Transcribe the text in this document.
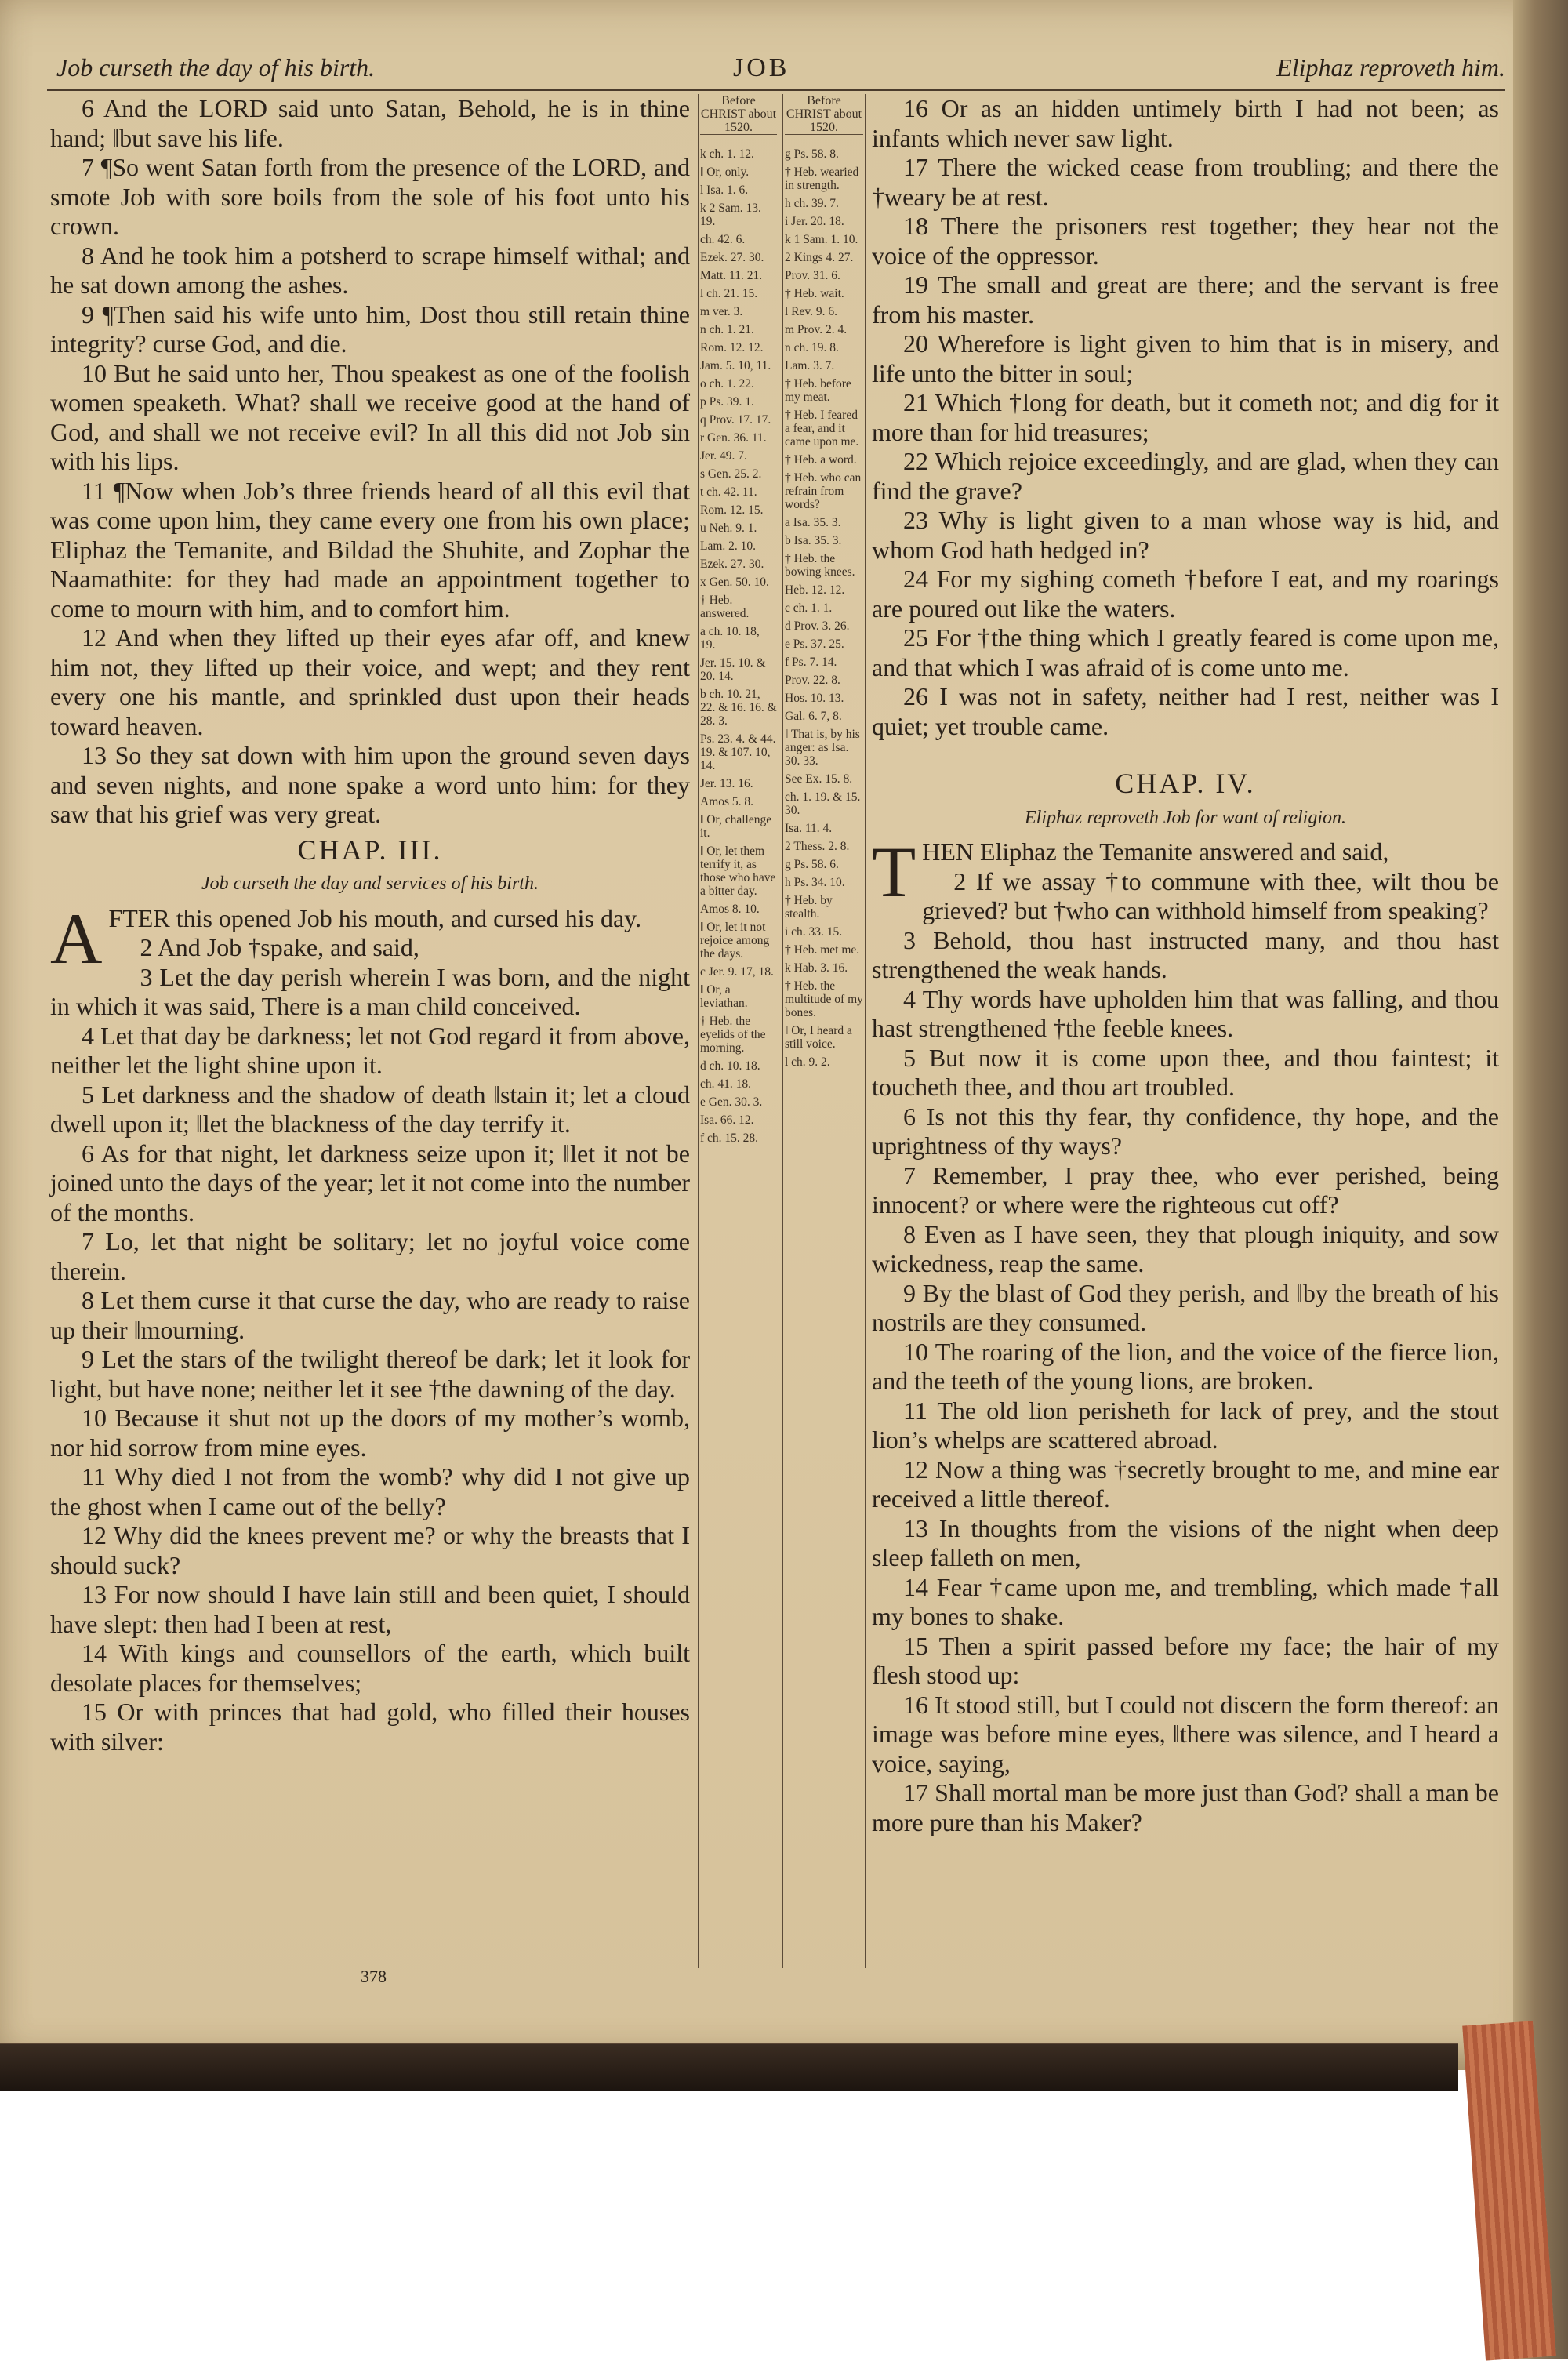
Job curseth the day of his birth.	JOB	Eliphaz reproveth him.

6 And the LORD said unto Satan, Behold, he is in thine hand; ‖but save his life.

7 ¶So went Satan forth from the presence of the LORD, and smote Job with sore boils from the sole of his foot unto his crown.

8 And he took him a potsherd to scrape himself withal; and he sat down among the ashes.

9 ¶Then said his wife unto him, Dost thou still retain thine integrity? curse God, and die.

10 But he said unto her, Thou speakest as one of the foolish women speaketh. What? shall we receive good at the hand of God, and shall we not receive evil? In all this did not Job sin with his lips.

11 ¶Now when Job’s three friends heard of all this evil that was come upon him, they came every one from his own place; Eliphaz the Temanite, and Bildad the Shuhite, and Zophar the Naamathite: for they had made an appointment together to come to mourn with him, and to comfort him.

12 And when they lifted up their eyes afar off, and knew him not, they lifted up their voice, and wept; and they rent every one his mantle, and sprinkled dust upon their heads toward heaven.

13 So they sat down with him upon the ground seven days and seven nights, and none spake a word unto him: for they saw that his grief was very great.

CHAP. III.
Job curseth the day and services of his birth.

AFTER this opened Job his mouth, and cursed his day.

2 And Job †spake, and said,

3 Let the day perish wherein I was born, and the night in which it was said, There is a man child conceived.

4 Let that day be darkness; let not God regard it from above, neither let the light shine upon it.

5 Let darkness and the shadow of death ‖stain it; let a cloud dwell upon it; ‖let the blackness of the day terrify it.

6 As for that night, let darkness seize upon it; ‖let it not be joined unto the days of the year; let it not come into the number of the months.

7 Lo, let that night be solitary; let no joyful voice come therein.

8 Let them curse it that curse the day, who are ready to raise up their ‖mourning.

9 Let the stars of the twilight thereof be dark; let it look for light, but have none; neither let it see †the dawning of the day.

10 Because it shut not up the doors of my mother’s womb, nor hid sorrow from mine eyes.

11 Why died I not from the womb? why did I not give up the ghost when I came out of the belly?

12 Why did the knees prevent me? or why the breasts that I should suck?

13 For now should I have lain still and been quiet, I should have slept: then had I been at rest,

14 With kings and counsellors of the earth, which built desolate places for themselves;

15 Or with princes that had gold, who filled their houses with silver:

Before CHRIST about 1520.
k ch. 1. 12.
‖ Or, only.
l Isa. 1. 6.
k 2 Sam. 13. 19.
ch. 42. 6.
Ezek. 27. 30.
Matt. 11. 21.
l ch. 21. 15.
m ver. 3.
n ch. 1. 21.
Rom. 12. 12.
Jam. 5. 10, 11.
o ch. 1. 22.
p Ps. 39. 1.
q Prov. 17. 17.
r Gen. 36. 11.
Jer. 49. 7.
s Gen. 25. 2.
t ch. 42. 11.
Rom. 12. 15.
u Neh. 9. 1.
Lam. 2. 10.
Ezek. 27. 30.
x Gen. 50. 10.
† Heb. answered.
a ch. 10. 18, 19.
Jer. 15. 10. & 20. 14.
b ch. 10. 21, 22. & 16. 16. & 28. 3.
Ps. 23. 4. & 44. 19. & 107. 10, 14.
Jer. 13. 16.
Amos 5. 8.
‖ Or, challenge it.
‖ Or, let them terrify it, as those who have a bitter day.
Amos 8. 10.
‖ Or, let it not rejoice among the days.
c Jer. 9. 17, 18.
‖ Or, a leviathan.
† Heb. the eyelids of the morning.
d ch. 10. 18.
ch. 41. 18.
e Gen. 30. 3.
Isa. 66. 12.
f ch. 15. 28.
Before CHRIST about 1520.
g Ps. 58. 8.
† Heb. wearied in strength.
h ch. 39. 7.
i Jer. 20. 18.
k 1 Sam. 1. 10.
2 Kings 4. 27.
Prov. 31. 6.
† Heb. wait.
l Rev. 9. 6.
m Prov. 2. 4.
n ch. 19. 8.
Lam. 3. 7.
† Heb. before my meat.
† Heb. I feared a fear, and it came upon me.
† Heb. a word.
† Heb. who can refrain from words?
a Isa. 35. 3.
b Isa. 35. 3.
† Heb. the bowing knees.
Heb. 12. 12.
c ch. 1. 1.
d Prov. 3. 26.
e Ps. 37. 25.
f Ps. 7. 14.
Prov. 22. 8.
Hos. 10. 13.
Gal. 6. 7, 8.
‖ That is, by his anger: as Isa. 30. 33.
See Ex. 15. 8.
ch. 1. 19. & 15. 30.
Isa. 11. 4.
2 Thess. 2. 8.
g Ps. 58. 6.
h Ps. 34. 10.
† Heb. by stealth.
i ch. 33. 15.
† Heb. met me.
k Hab. 3. 16.
† Heb. the multitude of my bones.
‖ Or, I heard a still voice.
l ch. 9. 2.

16 Or as an hidden untimely birth I had not been; as infants which never saw light.

17 There the wicked cease from troubling; and there the †weary be at rest.

18 There the prisoners rest together; they hear not the voice of the oppressor.

19 The small and great are there; and the servant is free from his master.

20 Wherefore is light given to him that is in misery, and life unto the bitter in soul;

21 Which †long for death, but it cometh not; and dig for it more than for hid treasures;

22 Which rejoice exceedingly, and are glad, when they can find the grave?

23 Why is light given to a man whose way is hid, and whom God hath hedged in?

24 For my sighing cometh †before I eat, and my roarings are poured out like the waters.

25 For †the thing which I greatly feared is come upon me, and that which I was afraid of is come unto me.

26 I was not in safety, neither had I rest, neither was I quiet; yet trouble came.

CHAP. IV.
Eliphaz reproveth Job for want of religion.

THEN Eliphaz the Temanite answered and said,

2 If we assay †to commune with thee, wilt thou be grieved? but †who can withhold himself from speaking?

3 Behold, thou hast instructed many, and thou hast strengthened the weak hands.

4 Thy words have upholden him that was falling, and thou hast strengthened †the feeble knees.

5 But now it is come upon thee, and thou faintest; it toucheth thee, and thou art troubled.

6 Is not this thy fear, thy confidence, thy hope, and the uprightness of thy ways?

7 Remember, I pray thee, who ever perished, being innocent? or where were the righteous cut off?

8 Even as I have seen, they that plough iniquity, and sow wickedness, reap the same.

9 By the blast of God they perish, and ‖by the breath of his nostrils are they consumed.

10 The roaring of the lion, and the voice of the fierce lion, and the teeth of the young lions, are broken.

11 The old lion perisheth for lack of prey, and the stout lion’s whelps are scattered abroad.

12 Now a thing was †secretly brought to me, and mine ear received a little thereof.

13 In thoughts from the visions of the night when deep sleep falleth on men,

14 Fear †came upon me, and trembling, which made †all my bones to shake.

15 Then a spirit passed before my face; the hair of my flesh stood up:

16 It stood still, but I could not discern the form thereof: an image was before mine eyes, ‖there was silence, and I heard a voice, saying,

17 Shall mortal man be more just than God? shall a man be more pure than his Maker?

378
